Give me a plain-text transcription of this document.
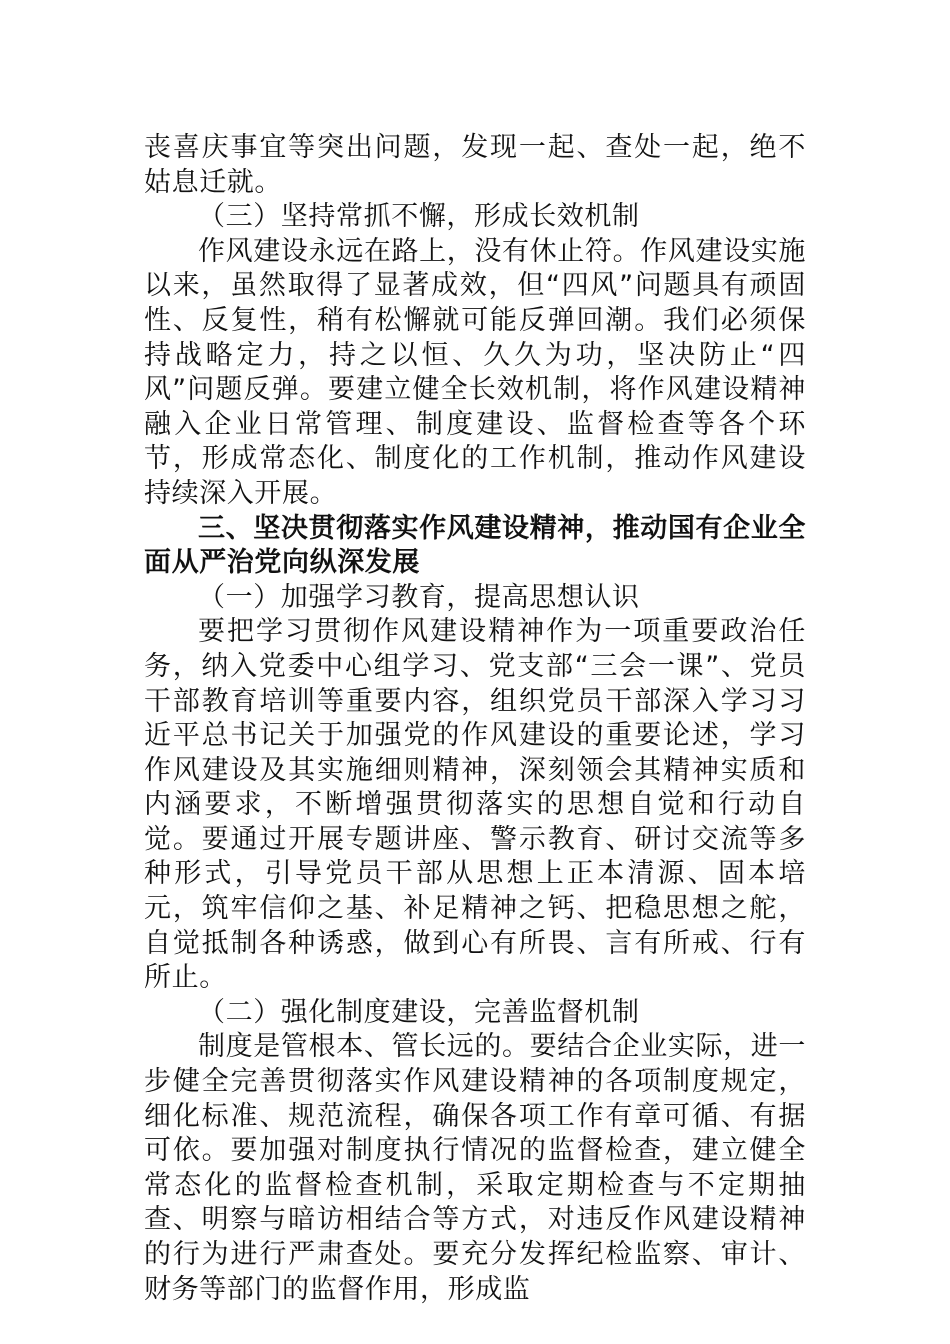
丧喜庆事宜等突出问题，发现一起、查处一起，绝不姑息迁就。

（三）坚持常抓不懈，形成长效机制

作风建设永远在路上，没有休止符。作风建设实施以来，虽然取得了显著成效，但“四风”问题具有顽固性、反复性，稍有松懈就可能反弹回潮。我们必须保持战略定力，持之以恒、久久为功，坚决防止“四风”问题反弹。要建立健全长效机制，将作风建设精神融入企业日常管理、制度建设、监督检查等各个环节，形成常态化、制度化的工作机制，推动作风建设持续深入开展。

三、坚决贯彻落实作风建设精神，推动国有企业全面从严治党向纵深发展

（一）加强学习教育，提高思想认识

要把学习贯彻作风建设精神作为一项重要政治任务，纳入党委中心组学习、党支部“三会一课”、党员干部教育培训等重要内容，组织党员干部深入学习习近平总书记关于加强党的作风建设的重要论述，学习作风建设及其实施细则精神，深刻领会其精神实质和内涵要求，不断增强贯彻落实的思想自觉和行动自觉。要通过开展专题讲座、警示教育、研讨交流等多种形式，引导党员干部从思想上正本清源、固本培元，筑牢信仰之基、补足精神之钙、把稳思想之舵，自觉抵制各种诱惑，做到心有所畏、言有所戒、行有所止。

（二）强化制度建设，完善监督机制

制度是管根本、管长远的。要结合企业实际，进一步健全完善贯彻落实作风建设精神的各项制度规定，细化标准、规范流程，确保各项工作有章可循、有据可依。要加强对制度执行情况的监督检查，建立健全常态化的监督检查机制，采取定期检查与不定期抽查、明察与暗访相结合等方式，对违反作风建设精神的行为进行严肃查处。要充分发挥纪检监察、审计、财务等部门的监督作用，形成监
